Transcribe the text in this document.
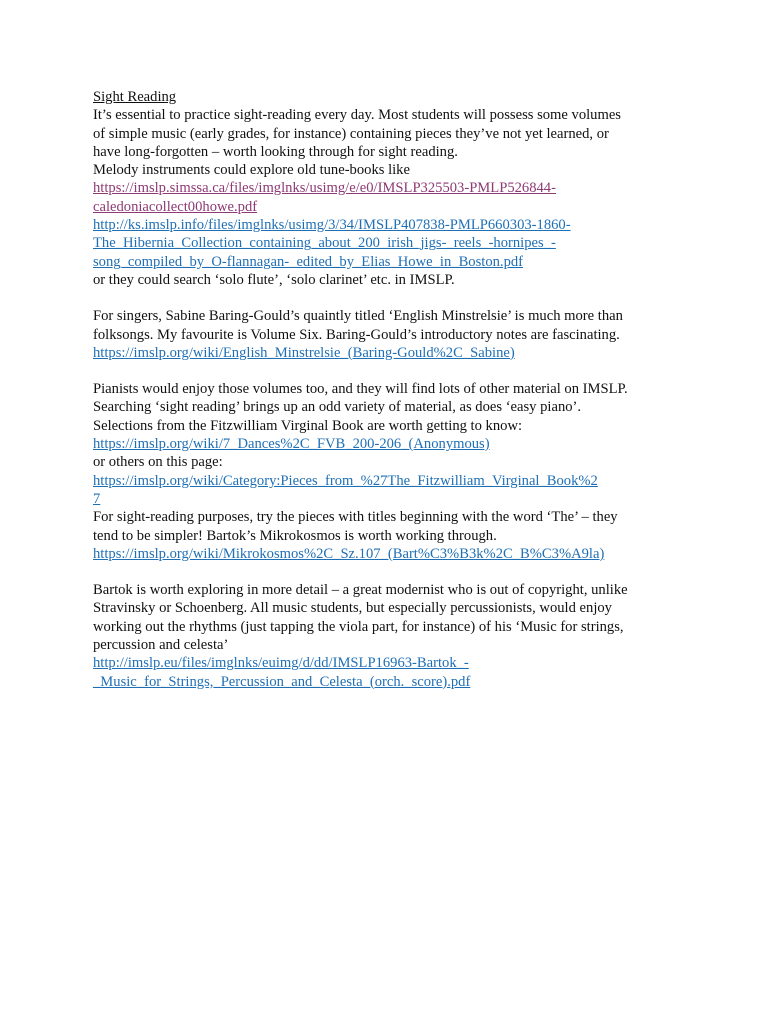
Sight Reading
It’s essential to practice sight-reading every day. Most students will possess some volumes
of simple music (early grades, for instance) containing pieces they’ve not yet learned, or
have long-forgotten – worth looking through for sight reading.
Melody instruments could explore old tune-books like
https://imslp.simssa.ca/files/imglnks/usimg/e/e0/IMSLP325503-PMLP526844-
caledoniacollect00howe.pdf
http://ks.imslp.info/files/imglnks/usimg/3/34/IMSLP407838-PMLP660303-1860-
The_Hibernia_Collection_containing_about_200_irish_jigs-_reels_-hornipes_-
song_compiled_by_O-flannagan-_edited_by_Elias_Howe_in_Boston.pdf
or they could search ‘solo flute’, ‘solo clarinet’ etc. in IMSLP.
For singers, Sabine Baring-Gould’s quaintly titled ‘English Minstrelsie’ is much more than
folksongs. My favourite is Volume Six. Baring-Gould’s introductory notes are fascinating.
https://imslp.org/wiki/English_Minstrelsie_(Baring-Gould%2C_Sabine)
Pianists would enjoy those volumes too, and they will find lots of other material on IMSLP.
Searching ‘sight reading’ brings up an odd variety of material, as does ‘easy piano’.
Selections from the Fitzwilliam Virginal Book are worth getting to know:
https://imslp.org/wiki/7_Dances%2C_FVB_200-206_(Anonymous)
or others on this page:
https://imslp.org/wiki/Category:Pieces_from_%27The_Fitzwilliam_Virginal_Book%2
7
For sight-reading purposes, try the pieces with titles beginning with the word ‘The’ – they
tend to be simpler! Bartok’s Mikrokosmos is worth working through.
https://imslp.org/wiki/Mikrokosmos%2C_Sz.107_(Bart%C3%B3k%2C_B%C3%A9la)
Bartok is worth exploring in more detail – a great modernist who is out of copyright, unlike
Stravinsky or Schoenberg. All music students, but especially percussionists, would enjoy
working out the rhythms (just tapping the viola part, for instance) of his ‘Music for strings,
percussion and celesta’
http://imslp.eu/files/imglnks/euimg/d/dd/IMSLP16963-Bartok_-
_Music_for_Strings,_Percussion_and_Celesta_(orch._score).pdf
